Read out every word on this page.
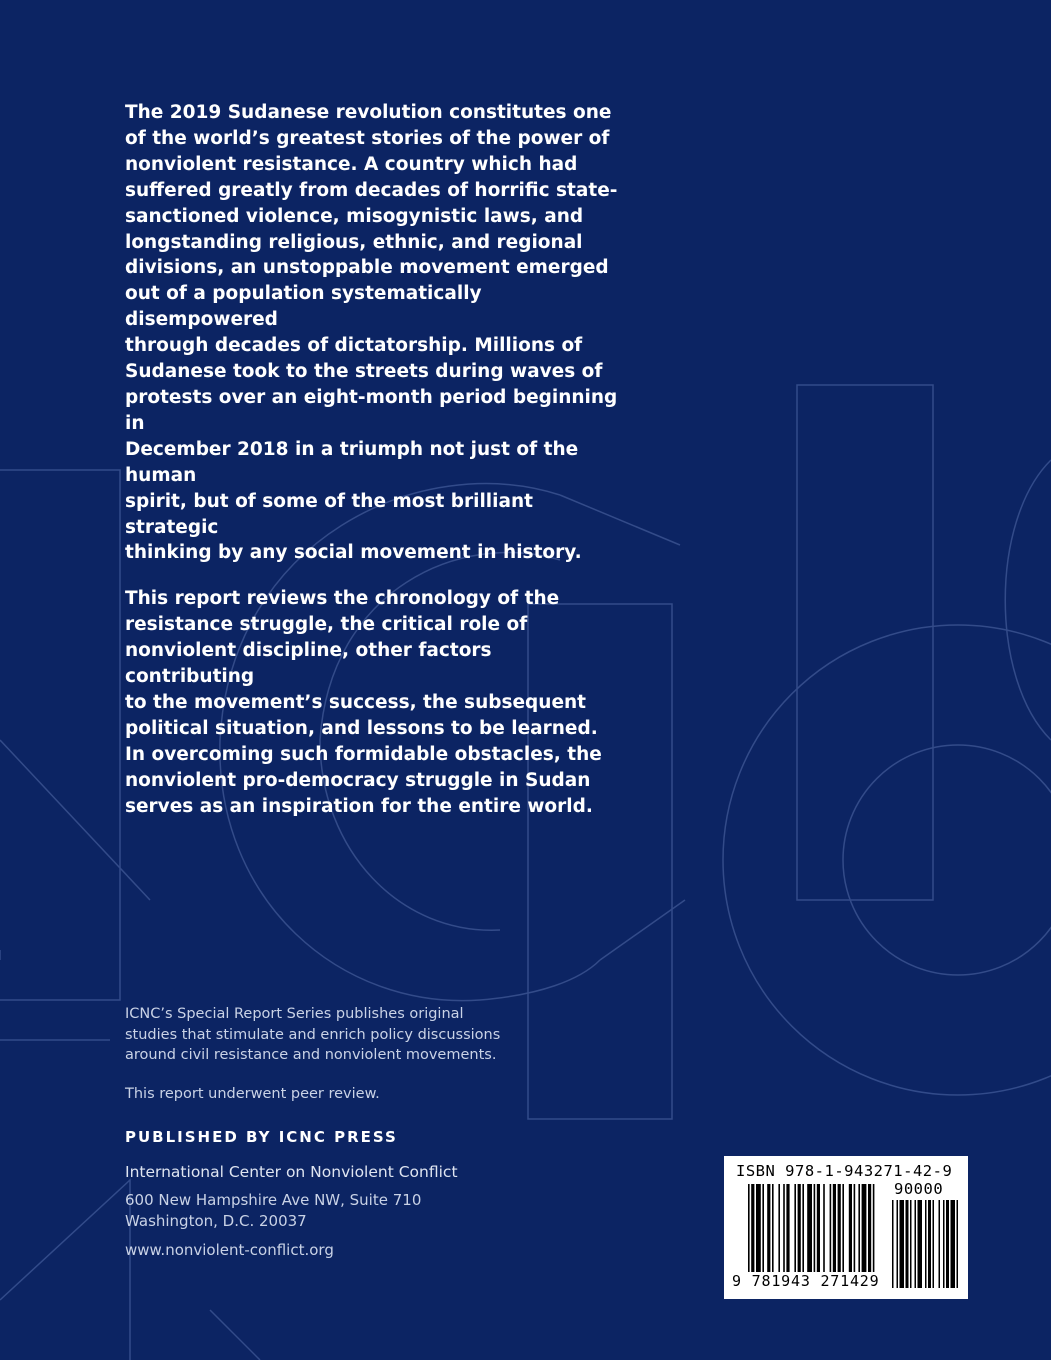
The 2019 Sudanese revolution constitutes one
of the world’s greatest stories of the power of
nonviolent resistance. A country which had
suffered greatly from decades of horrific state-
sanctioned violence, misogynistic laws, and
longstanding religious, ethnic, and regional
divisions, an unstoppable movement emerged
out of a population systematically disempowered
through decades of dictatorship. Millions of
Sudanese took to the streets during waves of
protests over an eight-month period beginning in
December 2018 in a triumph not just of the human
spirit, but of some of the most brilliant strategic
thinking by any social movement in history.

This report reviews the chronology of the
resistance struggle, the critical role of
nonviolent discipline, other factors contributing
to the movement’s success, the subsequent
political situation, and lessons to be learned.
In overcoming such formidable obstacles, the
nonviolent pro-democracy struggle in Sudan
serves as an inspiration for the entire world.

ICNC’s Special Report Series publishes original
studies that stimulate and enrich policy discussions
around civil resistance and nonviolent movements.
This report underwent peer review.
PUBLISHED BY ICNC PRESS
International Center on Nonviolent Conflict
600 New Hampshire Ave NW, Suite 710
Washington, D.C. 20037
www.nonviolent-conflict.org
ISBN 978-1-943271-42-9
90000
9 781943 271429
